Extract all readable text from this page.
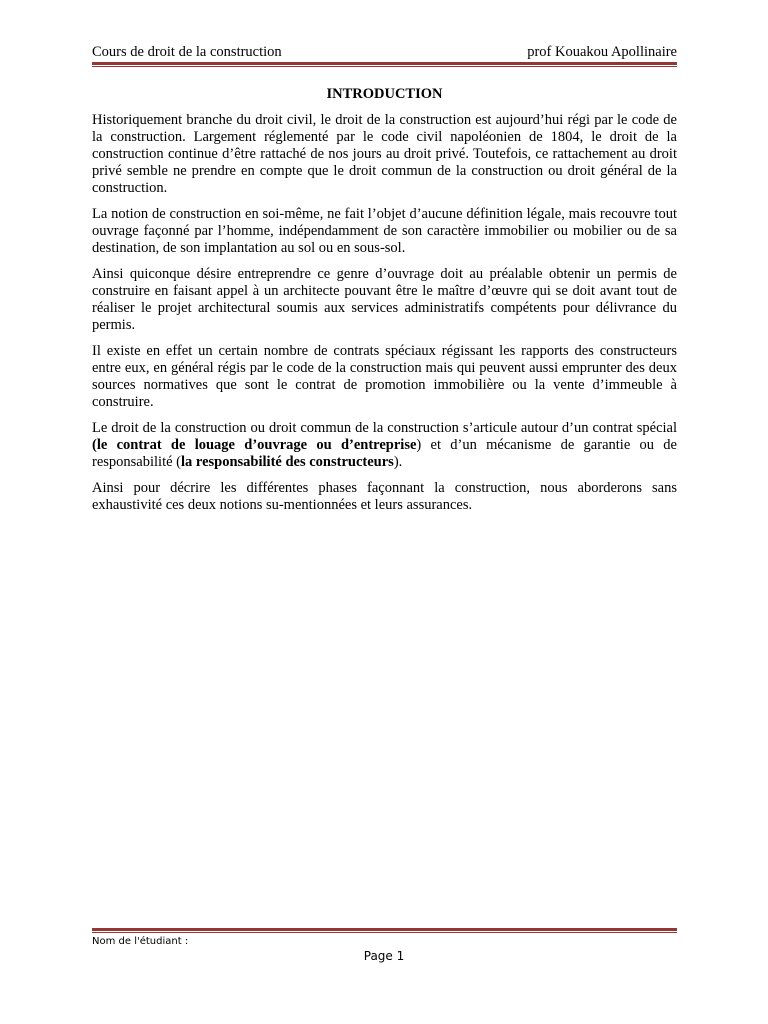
Cours de droit de la construction	prof Kouakou Apollinaire
INTRODUCTION

Historiquement branche du droit civil, le droit de la construction est aujourd’hui régi par le code de la construction. Largement réglementé par le code civil napoléonien de 1804, le droit de la construction continue d’être rattaché de nos jours au droit privé. Toutefois, ce rattachement au droit privé semble ne prendre en compte que le droit commun de la construction ou droit général de la construction.

La notion de construction en soi-même, ne fait l’objet d’aucune définition légale, mais recouvre tout ouvrage façonné par l’homme, indépendamment de son caractère immobilier ou mobilier ou de sa destination, de son implantation au sol ou en sous-sol.

Ainsi quiconque désire entreprendre ce genre d’ouvrage doit au préalable obtenir un permis de construire en faisant appel à un architecte pouvant être le maître d’œuvre qui se doit avant tout de réaliser le projet architectural soumis aux services administratifs compétents pour délivrance du permis.

Il existe en effet un certain nombre de contrats spéciaux régissant les rapports des constructeurs entre eux, en général régis par le code de la construction mais qui peuvent aussi emprunter des deux sources normatives que sont le contrat de promotion immobilière ou la vente d’immeuble à construire.

Le droit de la construction ou droit commun de la construction s’articule autour d’un contrat spécial (le contrat de louage d’ouvrage ou d’entreprise) et d’un mécanisme de garantie ou de responsabilité (la responsabilité des constructeurs).

Ainsi pour décrire les différentes phases façonnant la construction, nous aborderons sans exhaustivité ces deux notions su-mentionnées et leurs assurances.

Nom de l'étudiant :
Page 1
